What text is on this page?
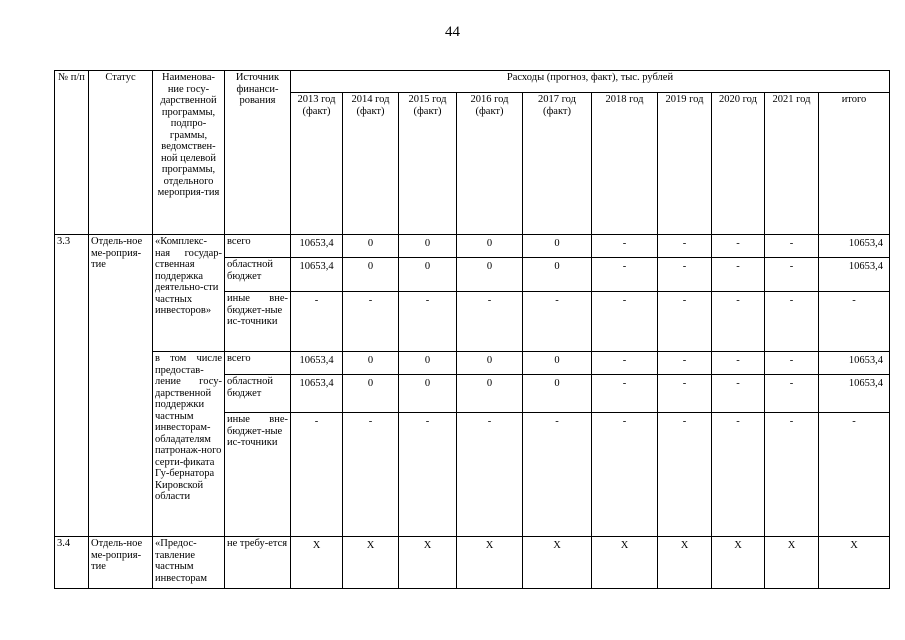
44
№ п/п	Статус	Наименова-ние госу-дарственной программы, подпро-граммы, ведомствен-ной целевой программы, отдельного мероприя-тия	Источник финанси-рования	Расходы (прогноз, факт), тыс. рублей									
				2013 год (факт)	2014 год (факт)	2015 год (факт)	2016 год (факт)	2017 год (факт)	2018 год	2019 год	2020 год	2021 год	итого
3.3	Отдель-ное ме-роприя-тие	«Комплекс-ная государ-ственная поддержка деятельно-сти частных инвесторов»	всего	10653,4	0	0	0	0	-	-	-	-	10653,4
			областной бюджет	10653,4	0	0	0	0	-	-	-	-	10653,4
			иные вне-бюджет-ные ис-точники	-	-	-	-	-	-	-	-	-	-
		в том числе предостав-ление госу-дарственной поддержки частным инвесторам-обладателям патронаж-ного серти-фиката Гу-бернатора Кировской области	всего	10653,4	0	0	0	0	-	-	-	-	10653,4
			областной бюджет	10653,4	0	0	0	0	-	-	-	-	10653,4
			иные вне-бюджет-ные ис-точники	-	-	-	-	-	-	-	-	-	-
3.4	Отдель-ное ме-роприя-тие	«Предос-тавление частным инвесторам	не требу-ется	X	X	X	X	X	X	X	X	X	X
